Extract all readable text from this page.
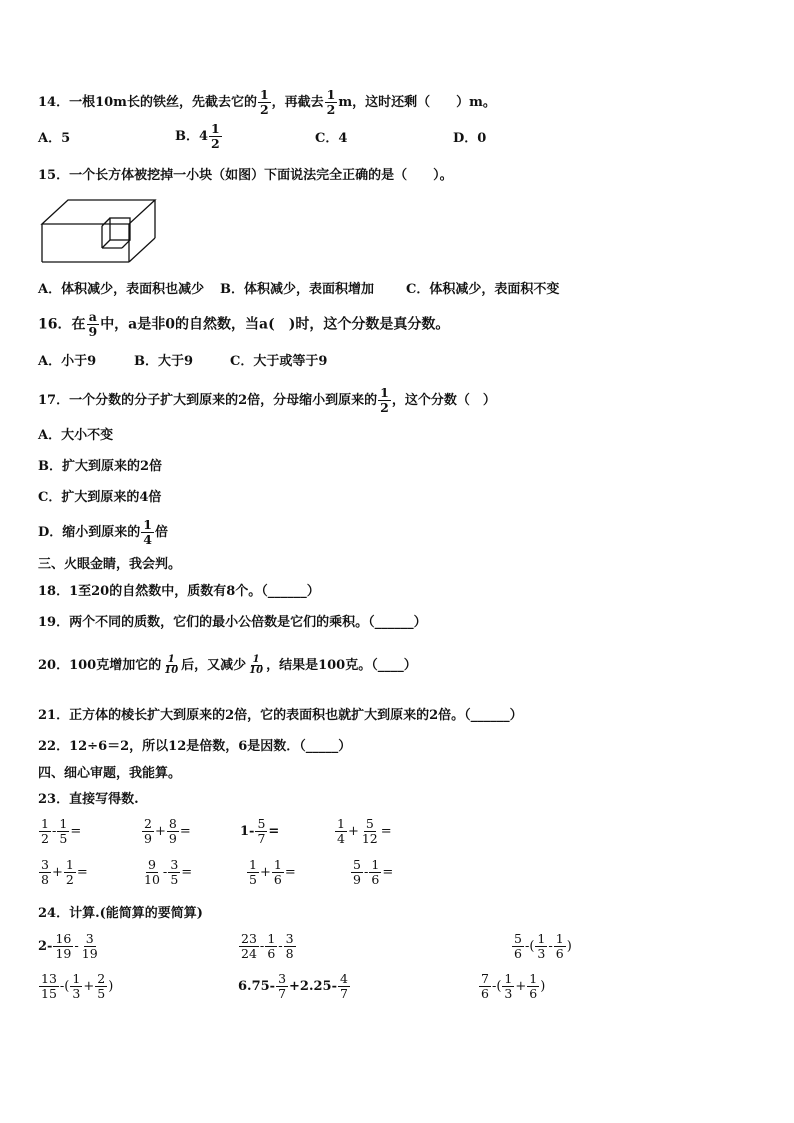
14．一根10m长的铁丝，先截去它的 $\frac{1}{2}$ ，再截去 $\frac{1}{2}$ m，这时还剩（　　）m。
A．5	B．$4 \frac{1}{2}$	C．4	D．0
15．一个长方体被挖掉一小块（如图）下面说法完全正确的是（　　）。
A．体积减少，表面积也减少 B．体积减少，表面积增加 C．体积减少，表面积不变
16．在 $\frac{a}{9}$ 中，a是非0的自然数，当a(　)时，这个分数是真分数。
A．小于9	B．大于9	C．大于或等于9
17．一个分数的分子扩大到原来的2倍，分母缩小到原来的 $\frac{1}{2}$ ，这个分数（　）
A．大小不变
B．扩大到原来的2倍
C．扩大到原来的4倍
D．缩小到原来的 $\frac{1}{4}$ 倍
三、火眼金睛，我会判。
18．1至20的自然数中，质数有8个。（______）
19．两个不同的质数，它们的最小公倍数是它们的乘积。（______）
20．100克增加它的 $\frac{1}{10}$ 后，又减少 $\frac{1}{10}$ ，结果是100克。（____）
21．正方体的棱长扩大到原来的2倍，它的表面积也就扩大到原来的2倍。（______）
22．12÷6＝2，所以12是倍数，6是因数．（_____）
四、细心审题，我能算。
23．直接写得数.
$\frac{1}{2} - \frac{1}{5}$ =	$\frac{2}{9} + \frac{8}{9}$ =	$1- \frac{5}{7}$ =	$\frac{1}{4} + \frac{5}{12}$ =
$\frac{3}{8} + \frac{1}{2}$ =	$\frac{9}{10} - \frac{3}{5}$ =	$\frac{1}{5} + \frac{1}{6}$ =	$\frac{5}{9} - \frac{1}{6}$ =
24．计算.(能简算的要简算)
$2- \frac{16}{19} - \frac{3}{19}$	$\frac{23}{24} - \frac{1}{6} - \frac{3}{8}$	$\frac{5}{6}$ -( $\frac{1}{3} - \frac{1}{6}$ )
$\frac{13}{15}$ -( $\frac{1}{3} + \frac{2}{5}$ )	$6.75- \frac{3}{7} +2.25- \frac{4}{7}$	$\frac{7}{6}$ -( $\frac{1}{3} + \frac{1}{6}$ )
